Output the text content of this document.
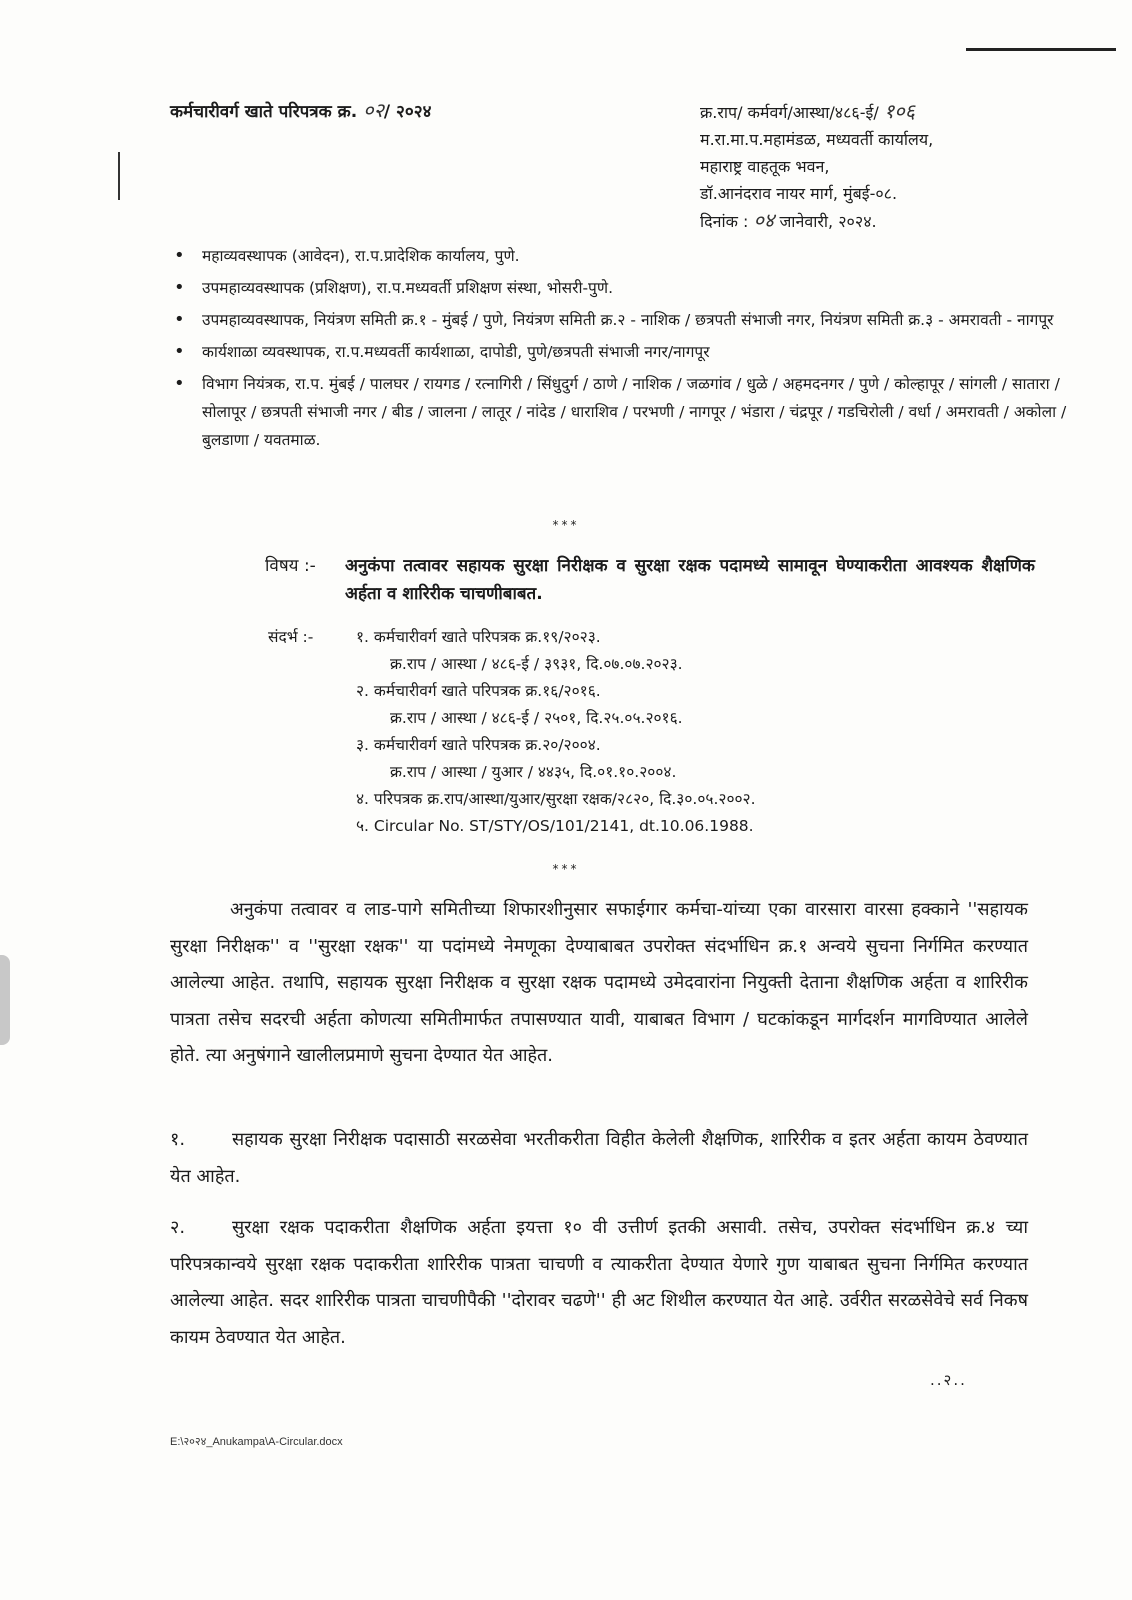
कर्मचारीवर्ग खाते परिपत्रक क्र. ०२/ २०२४	क्र.राप/ कर्मवर्ग/आस्था/४८६-ई/ १०६
म.रा.मा.प.महामंडळ, मध्यवर्ती कार्यालय,
महाराष्ट्र वाहतूक भवन,
डॉ.आनंदराव नायर मार्ग, मुंबई-०८.
दिनांक : ०४ जानेवारी, २०२४.
• महाव्यवस्थापक (आवेदन), रा.प.प्रादेशिक कार्यालय, पुणे.
• उपमहाव्यवस्थापक (प्रशिक्षण), रा.प.मध्यवर्ती प्रशिक्षण संस्था, भोसरी-पुणे.
• उपमहाव्यवस्थापक, नियंत्रण समिती क्र.१ - मुंबई / पुणे, नियंत्रण समिती क्र.२ - नाशिक / छत्रपती संभाजी नगर, नियंत्रण समिती क्र.३ - अमरावती - नागपूर
• कार्यशाळा व्यवस्थापक, रा.प.मध्यवर्ती कार्यशाळा, दापोडी, पुणे/छत्रपती संभाजी नगर/नागपूर
• विभाग नियंत्रक, रा.प. मुंबई / पालघर / रायगड / रत्नागिरी / सिंधुदुर्ग / ठाणे / नाशिक / जळगांव / धुळे / अहमदनगर / पुणे / कोल्हापूर / सांगली / सातारा / सोलापूर / छत्रपती संभाजी नगर / बीड / जालना / लातूर / नांदेड / धाराशिव / परभणी / नागपूर / भंडारा / चंद्रपूर / गडचिरोली / वर्धा / अमरावती / अकोला / बुलडाणा / यवतमाळ.
***
विषय :-	अनुकंपा तत्वावर सहायक सुरक्षा निरीक्षक व सुरक्षा रक्षक पदामध्ये सामावून घेण्याकरीता आवश्यक शैक्षणिक अर्हता व शारिरीक चाचणीबाबत.
संदर्भ :-	१. कर्मचारीवर्ग खाते परिपत्रक क्र.१९/२०२३.
क्र.राप / आस्था / ४८६-ई / ३९३१, दि.०७.०७.२०२३.
२. कर्मचारीवर्ग खाते परिपत्रक क्र.१६/२०१६.
क्र.राप / आस्था / ४८६-ई / २५०१, दि.२५.०५.२०१६.
३. कर्मचारीवर्ग खाते परिपत्रक क्र.२०/२००४.
क्र.राप / आस्था / युआर / ४४३५, दि.०१.१०.२००४.
४. परिपत्रक क्र.राप/आस्था/युआर/सुरक्षा रक्षक/२८२०, दि.३०.०५.२००२.
५. Circular No. ST/STY/OS/101/2141, dt.10.06.1988.
***
अनुकंपा तत्वावर व लाड-पागे समितीच्या शिफारशीनुसार सफाईगार कर्मचा-यांच्या एका वारसारा वारसा हक्काने ''सहायक सुरक्षा निरीक्षक'' व ''सुरक्षा रक्षक'' या पदांमध्ये नेमणूका देण्याबाबत उपरोक्त संदर्भाधिन क्र.१ अन्वये सुचना निर्गमित करण्यात आलेल्या आहेत. तथापि, सहायक सुरक्षा निरीक्षक व सुरक्षा रक्षक पदामध्ये उमेदवारांना नियुक्ती देताना शैक्षणिक अर्हता व शारिरीक पात्रता तसेच सदरची अर्हता कोणत्या समितीमार्फत तपासण्यात यावी, याबाबत विभाग / घटकांकडून मार्गदर्शन मागविण्यात आलेले होते. त्या अनुषंगाने खालीलप्रमाणे सुचना देण्यात येत आहेत.
१.	सहायक सुरक्षा निरीक्षक पदासाठी सरळसेवा भरतीकरीता विहीत केलेली शैक्षणिक, शारिरीक व इतर अर्हता कायम ठेवण्यात येत आहेत.
२.	सुरक्षा रक्षक पदाकरीता शैक्षणिक अर्हता इयत्ता १० वी उत्तीर्ण इतकी असावी. तसेच, उपरोक्त संदर्भाधिन क्र.४ च्या परिपत्रकान्वये सुरक्षा रक्षक पदाकरीता शारिरीक पात्रता चाचणी व त्याकरीता देण्यात येणारे गुण याबाबत सुचना निर्गमित करण्यात आलेल्या आहेत. सदर शारिरीक पात्रता चाचणीपैकी ''दोरावर चढणे'' ही अट शिथील करण्यात येत आहे. उर्वरीत सरळसेवेचे सर्व निकष कायम ठेवण्यात येत आहेत.
..२..
E:\२०२४_Anukampa\A-Circular.docx
